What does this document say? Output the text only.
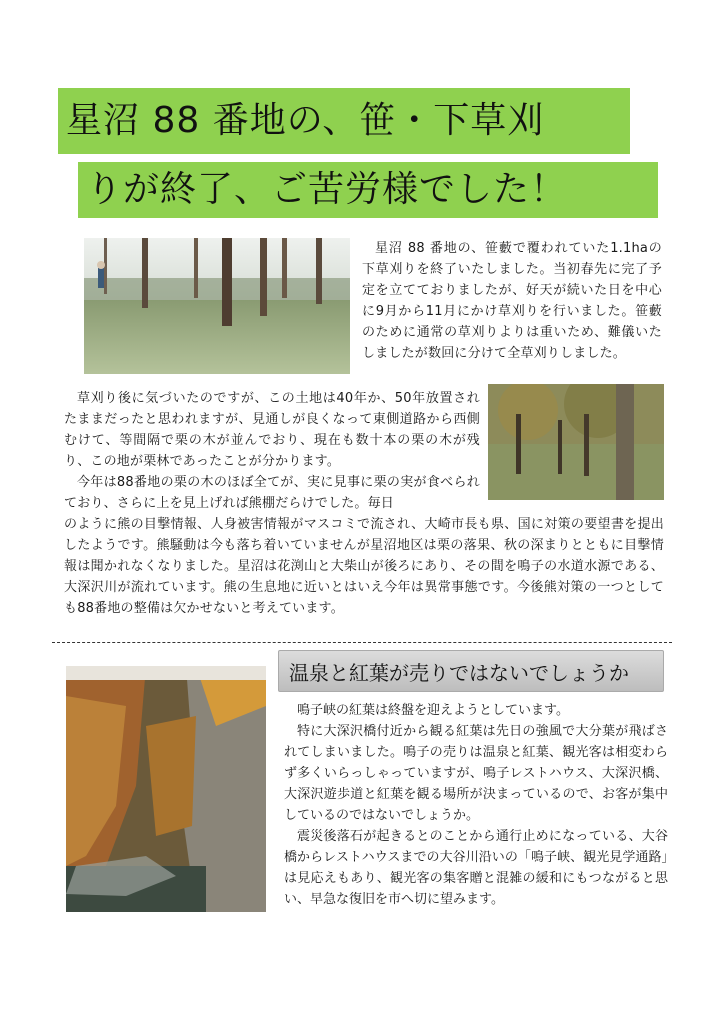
星沼 88 番地の、笹・下草刈
りが終了、ご苦労様でした！

星沼 88 番地の、笹藪で覆われていた1.1haの下草刈りを終了いたしました。当初春先に完了予定を立てておりましたが、好天が続いた日を中心に9月から11月にかけ草刈りを行いました。笹藪のために通常の草刈りよりは重いため、難儀いたしましたが数回に分けて全草刈りしました。

草刈り後に気づいたのですが、この土地は40年か、50年放置されたままだったと思われますが、見通しが良くなって東側道路から西側むけて、等間隔で栗の木が並んでおり、現在も数十本の栗の木が残り、この地が栗林であったことが分かります。

今年は88番地の栗の木のほぼ全てが、実に見事に栗の実が食べられており、さらに上を見上げれば熊棚だらけでした。毎日

のように熊の目撃情報、人身被害情報がマスコミで流され、大崎市長も県、国に対策の要望書を提出したようです。熊騒動は今も落ち着いていませんが星沼地区は栗の落果、秋の深まりとともに目撃情報は聞かれなくなりました。星沼は花渕山と大柴山が後ろにあり、その間を鳴子の水道水源である、大深沢川が流れています。熊の生息地に近いとはいえ今年は異常事態です。今後熊対策の一つとしても88番地の整備は欠かせないと考えています。

温泉と紅葉が売りではないでしょうか

鳴子峡の紅葉は終盤を迎えようとしています。

特に大深沢橋付近から観る紅葉は先日の強風で大分葉が飛ばされてしまいました。鳴子の売りは温泉と紅葉、観光客は相変わらず多くいらっしゃっていますが、鳴子レストハウス、大深沢橋、大深沢遊歩道と紅葉を観る場所が決まっているので、お客が集中しているのではないでしょうか。

震災後落石が起きるとのことから通行止めになっている、大谷橋からレストハウスまでの大谷川沿いの「鳴子峡、観光見学通路」は見応えもあり、観光客の集客贈と混雑の緩和にもつながると思い、早急な復旧を市へ切に望みます。
